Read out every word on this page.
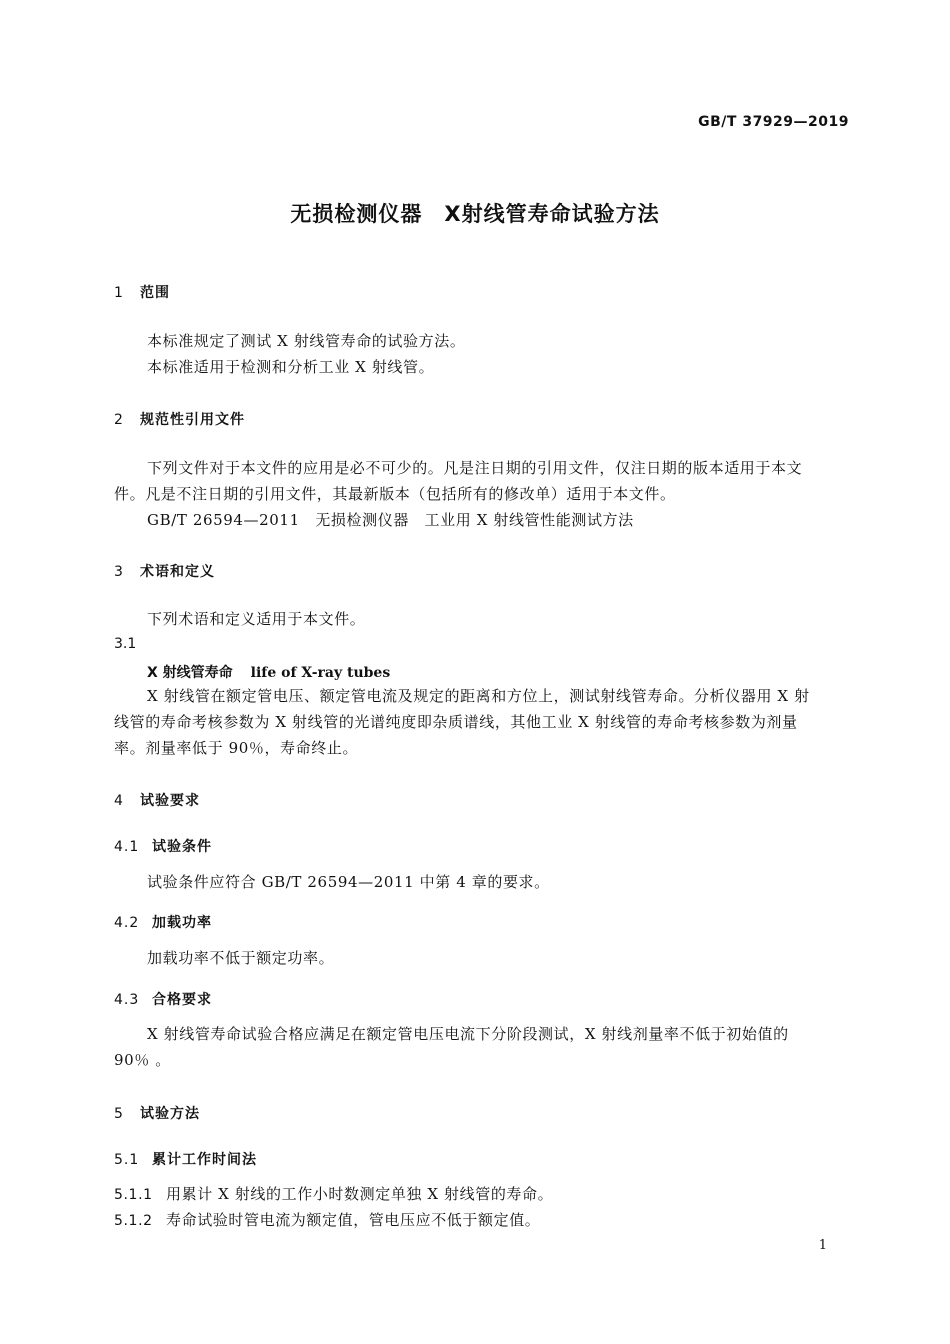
GB/T 37929—2019
无损检测仪器　X射线管寿命试验方法
1 范围
本标准规定了测试 X 射线管寿命的试验方法。
本标准适用于检测和分析工业 X 射线管。
2 规范性引用文件
下列文件对于本文件的应用是必不可少的。凡是注日期的引用文件，仅注日期的版本适用于本文
件。凡是不注日期的引用文件，其最新版本（包括所有的修改单）适用于本文件。
GB/T 26594—2011　无损检测仪器　工业用 X 射线管性能测试方法
3 术语和定义
下列术语和定义适用于本文件。
3.1
X 射线管寿命 life of X-ray tubes
X 射线管在额定管电压、额定管电流及规定的距离和方位上，测试射线管寿命。分析仪器用 X 射
线管的寿命考核参数为 X 射线管的光谱纯度即杂质谱线，其他工业 X 射线管的寿命考核参数为剂量
率。剂量率低于 90％，寿命终止。
4 试验要求
4.1 试验条件
试验条件应符合 GB/T 26594—2011 中第 4 章的要求。
4.2 加载功率
加载功率不低于额定功率。
4.3 合格要求
X 射线管寿命试验合格应满足在额定管电压电流下分阶段测试，X 射线剂量率不低于初始值的
90％ 。
5 试验方法
5.1 累计工作时间法
5.1.1 用累计 X 射线的工作小时数测定单独 X 射线管的寿命。
5.1.2 寿命试验时管电流为额定值，管电压应不低于额定值。
1
